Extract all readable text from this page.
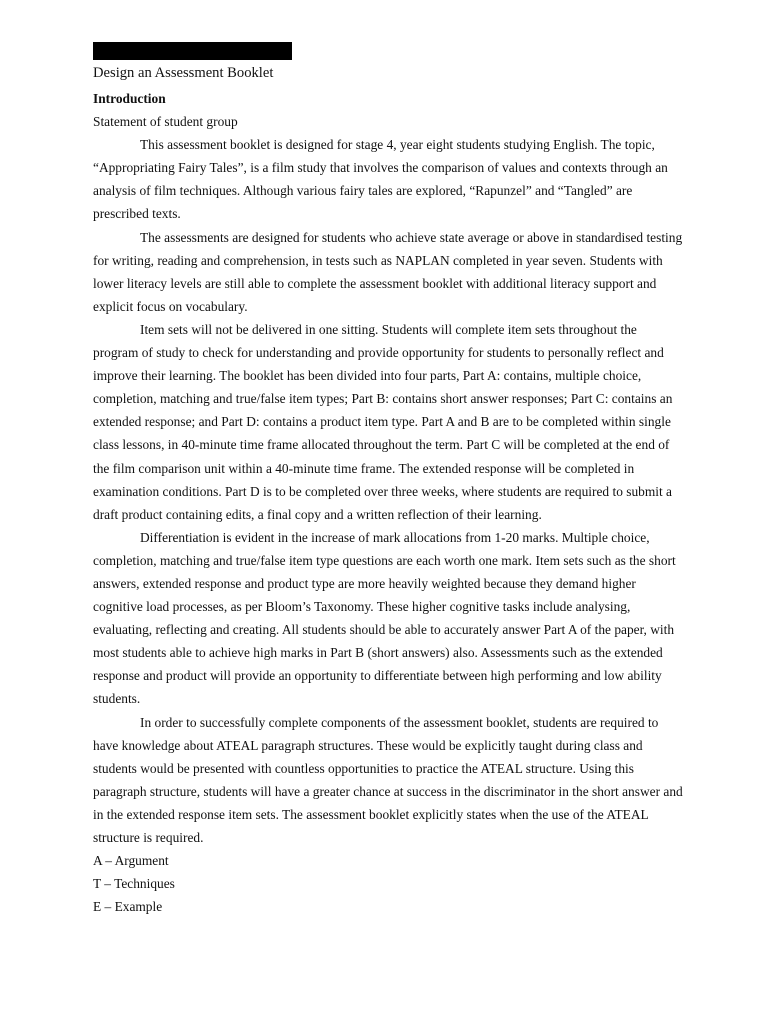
Design an Assessment Booklet
Introduction
Statement of student group

This assessment booklet is designed for stage 4, year eight students studying English. The topic, “Appropriating Fairy Tales”, is a film study that involves the comparison of values and contexts through an analysis of film techniques. Although various fairy tales are explored, “Rapunzel” and “Tangled” are prescribed texts.

The assessments are designed for students who achieve state average or above in standardised testing for writing, reading and comprehension, in tests such as NAPLAN completed in year seven. Students with lower literacy levels are still able to complete the assessment booklet with additional literacy support and explicit focus on vocabulary.

Item sets will not be delivered in one sitting. Students will complete item sets throughout the program of study to check for understanding and provide opportunity for students to personally reflect and improve their learning. The booklet has been divided into four parts, Part A: contains, multiple choice, completion, matching and true/false item types; Part B: contains short answer responses; Part C: contains an extended response; and Part D: contains a product item type. Part A and B are to be completed within single class lessons, in 40-minute time frame allocated throughout the term. Part C will be completed at the end of the film comparison unit within a 40-minute time frame. The extended response will be completed in examination conditions. Part D is to be completed over three weeks, where students are required to submit a draft product containing edits, a final copy and a written reflection of their learning.

Differentiation is evident in the increase of mark allocations from 1-20 marks. Multiple choice, completion, matching and true/false item type questions are each worth one mark. Item sets such as the short answers, extended response and product type are more heavily weighted because they demand higher cognitive load processes, as per Bloom’s Taxonomy. These higher cognitive tasks include analysing, evaluating, reflecting and creating. All students should be able to accurately answer Part A of the paper, with most students able to achieve high marks in Part B (short answers) also. Assessments such as the extended response and product will provide an opportunity to differentiate between high performing and low ability students.

In order to successfully complete components of the assessment booklet, students are required to have knowledge about ATEAL paragraph structures. These would be explicitly taught during class and students would be presented with countless opportunities to practice the ATEAL structure. Using this paragraph structure, students will have a greater chance at success in the discriminator in the short answer and in the extended response item sets. The assessment booklet explicitly states when the use of the ATEAL structure is required.

A – Argument
T – Techniques
E – Example
